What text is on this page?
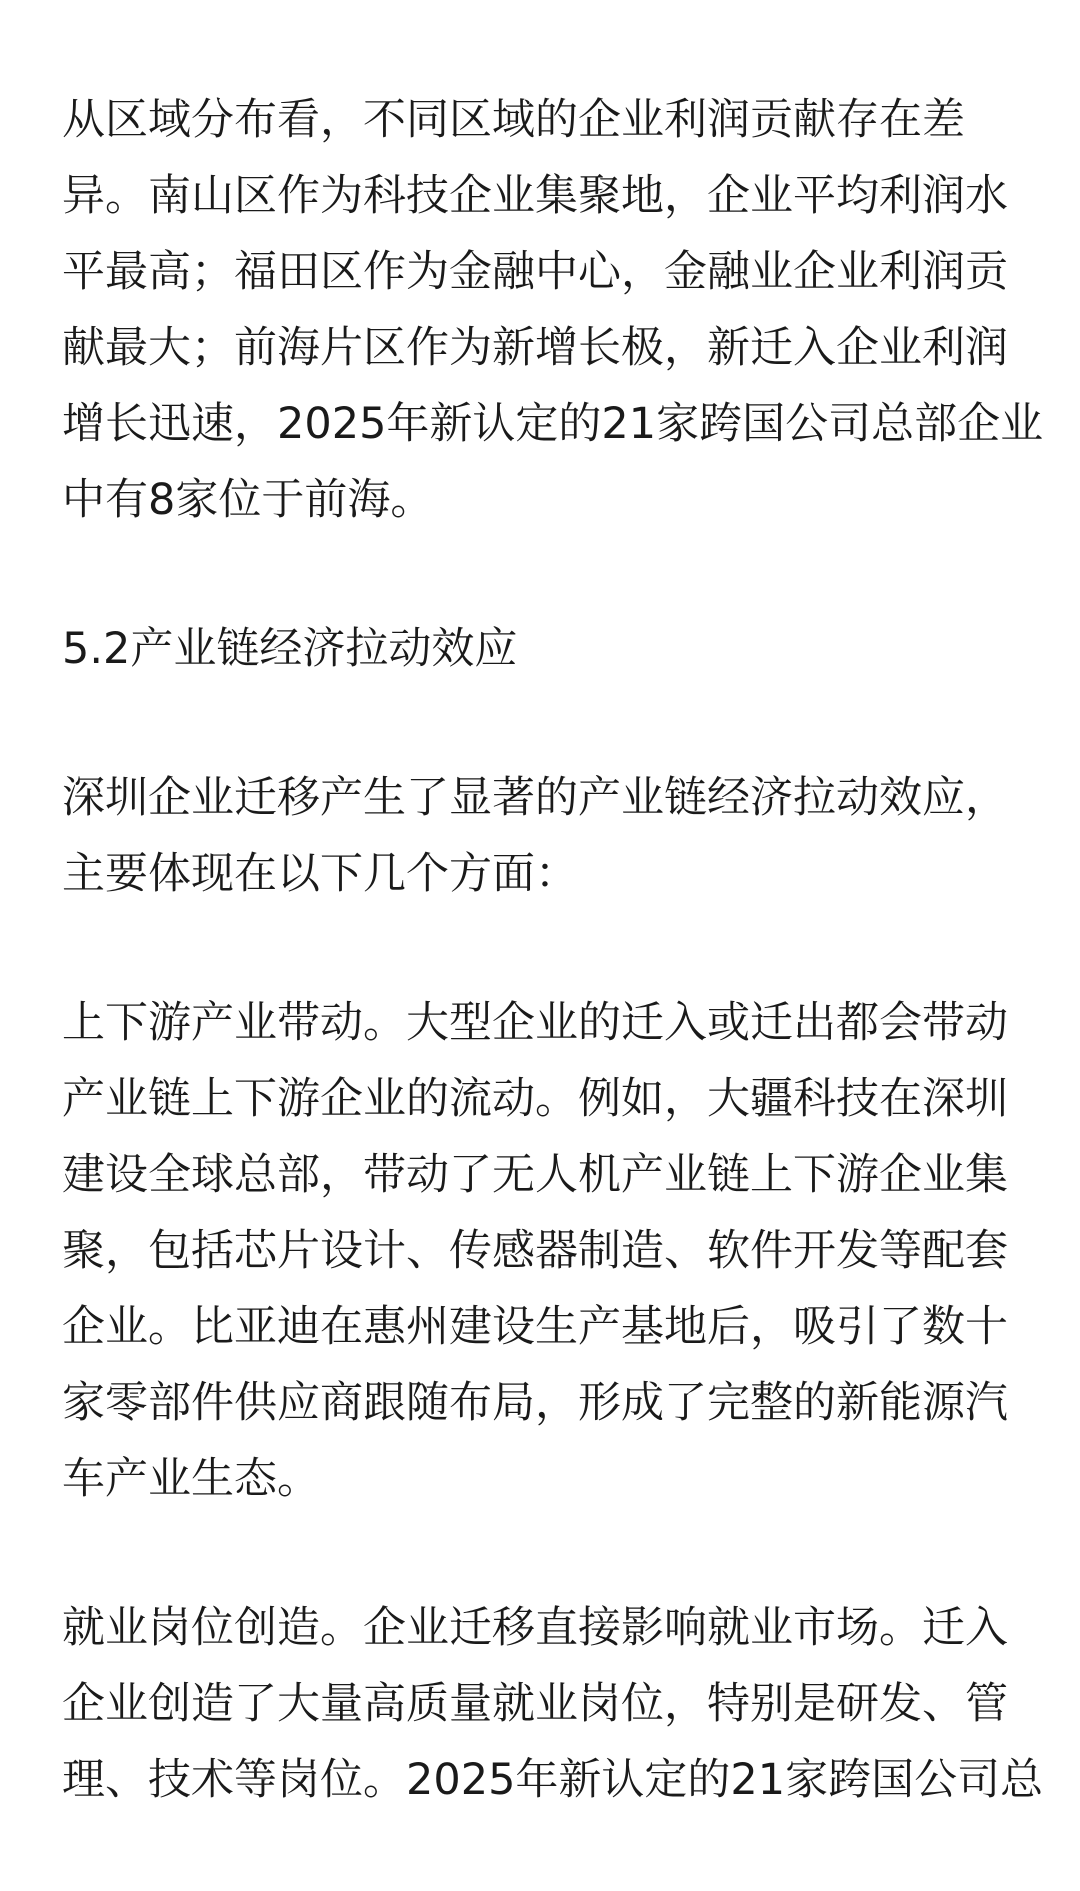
从区域分布看，不同区域的企业利润贡献存在差
异。南山区作为科技企业集聚地，企业平均利润水
平最高；福田区作为金融中心，金融业企业利润贡
献最大；前海片区作为新增长极，新迁入企业利润
增长迅速，2025年新认定的21家跨国公司总部企业
中有8家位于前海。
5.2产业链经济拉动效应
深圳企业迁移产生了显著的产业链经济拉动效应，
主要体现在以下几个方面：
上下游产业带动。大型企业的迁入或迁出都会带动
产业链上下游企业的流动。例如，大疆科技在深圳
建设全球总部，带动了无人机产业链上下游企业集
聚，包括芯片设计、传感器制造、软件开发等配套
企业。比亚迪在惠州建设生产基地后，吸引了数十
家零部件供应商跟随布局，形成了完整的新能源汽
车产业生态。
就业岗位创造。企业迁移直接影响就业市场。迁入
企业创造了大量高质量就业岗位，特别是研发、管
理、技术等岗位。2025年新认定的21家跨国公司总
